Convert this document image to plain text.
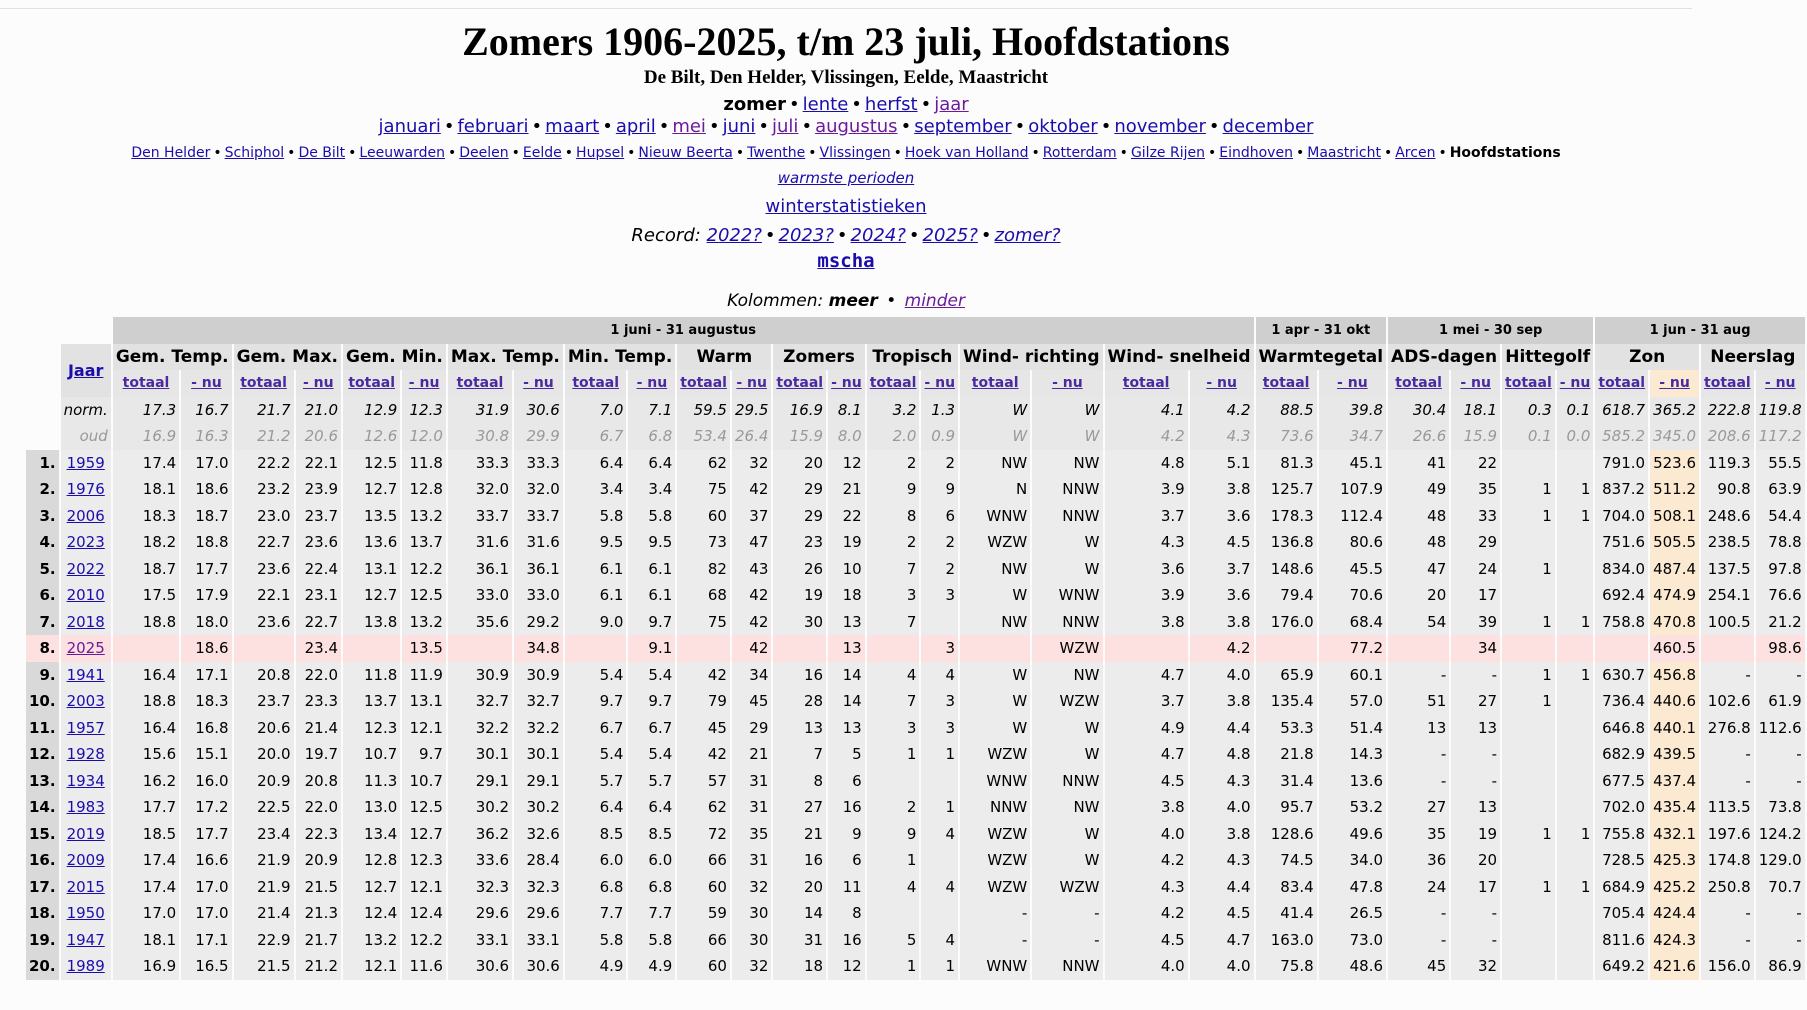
Zomers 1906-2025, t/m 23 juli, Hoofdstations
De Bilt, Den Helder, Vlissingen, Eelde, Maastricht
zomer • lente • herfst • jaar
januari • februari • maart • april • mei • juni • juli • augustus • september • oktober • november • december
Den Helder • Schiphol • De Bilt • Leeuwarden • Deelen • Eelde • Hupsel • Nieuw Beerta • Twenthe • Vlissingen • Hoek van Holland • Rotterdam • Gilze Rijen • Eindhoven • Maastricht • Arcen • Hoofdstations
warmste perioden
winterstatistieken
Record: 2022? • 2023? • 2024? • 2025? • zomer?
mscha
Kolommen: meer • minder
		1 juni - 31 augustus																				1 apr - 31 okt		1 mei - 30 sep				1 jun - 31 aug			
	Jaar	Gem. Temp.		Gem. Max.		Gem. Min.		Max. Temp.		Min. Temp.		Warm		Zomers		Tropisch		Wind- richting		Wind- snelheid		Warmtegetal		ADS-dagen		Hittegolf		Zon		Neerslag	
		totaal	- nu	totaal	- nu	totaal	- nu	totaal	- nu	totaal	- nu	totaal	- nu	totaal	- nu	totaal	- nu	totaal	- nu	totaal	- nu	totaal	- nu	totaal	- nu	totaal	- nu	totaal	- nu	totaal	- nu
	norm.	17.3	16.7	21.7	21.0	12.9	12.3	31.9	30.6	7.0	7.1	59.5	29.5	16.9	8.1	3.2	1.3	W	W	4.1	4.2	88.5	39.8	30.4	18.1	0.3	0.1	618.7	365.2	222.8	119.8
	oud	16.9	16.3	21.2	20.6	12.6	12.0	30.8	29.9	6.7	6.8	53.4	26.4	15.9	8.0	2.0	0.9	W	W	4.2	4.3	73.6	34.7	26.6	15.9	0.1	0.0	585.2	345.0	208.6	117.2
1.	1959	17.4	17.0	22.2	22.1	12.5	11.8	33.3	33.3	6.4	6.4	62	32	20	12	2	2	NW	NW	4.8	5.1	81.3	45.1	41	22			791.0	523.6	119.3	55.5
2.	1976	18.1	18.6	23.2	23.9	12.7	12.8	32.0	32.0	3.4	3.4	75	42	29	21	9	9	N	NNW	3.9	3.8	125.7	107.9	49	35	1	1	837.2	511.2	90.8	63.9
3.	2006	18.3	18.7	23.0	23.7	13.5	13.2	33.7	33.7	5.8	5.8	60	37	29	22	8	6	WNW	NNW	3.7	3.6	178.3	112.4	48	33	1	1	704.0	508.1	248.6	54.4
4.	2023	18.2	18.8	22.7	23.6	13.6	13.7	31.6	31.6	9.5	9.5	73	47	23	19	2	2	WZW	W	4.3	4.5	136.8	80.6	48	29			751.6	505.5	238.5	78.8
5.	2022	18.7	17.7	23.6	22.4	13.1	12.2	36.1	36.1	6.1	6.1	82	43	26	10	7	2	NW	W	3.6	3.7	148.6	45.5	47	24	1		834.0	487.4	137.5	97.8
6.	2010	17.5	17.9	22.1	23.1	12.7	12.5	33.0	33.0	6.1	6.1	68	42	19	18	3	3	W	WNW	3.9	3.6	79.4	70.6	20	17			692.4	474.9	254.1	76.6
7.	2018	18.8	18.0	23.6	22.7	13.8	13.2	35.6	29.2	9.0	9.7	75	42	30	13	7		NW	NNW	3.8	3.8	176.0	68.4	54	39	1	1	758.8	470.8	100.5	21.2
8.	2025		18.6		23.4		13.5		34.8		9.1		42		13		3		WZW		4.2		77.2		34				460.5		98.6
9.	1941	16.4	17.1	20.8	22.0	11.8	11.9	30.9	30.9	5.4	5.4	42	34	16	14	4	4	W	NW	4.7	4.0	65.9	60.1	-	-	1	1	630.7	456.8	-	-
10.	2003	18.8	18.3	23.7	23.3	13.7	13.1	32.7	32.7	9.7	9.7	79	45	28	14	7	3	W	WZW	3.7	3.8	135.4	57.0	51	27	1		736.4	440.6	102.6	61.9
11.	1957	16.4	16.8	20.6	21.4	12.3	12.1	32.2	32.2	6.7	6.7	45	29	13	13	3	3	W	W	4.9	4.4	53.3	51.4	13	13			646.8	440.1	276.8	112.6
12.	1928	15.6	15.1	20.0	19.7	10.7	9.7	30.1	30.1	5.4	5.4	42	21	7	5	1	1	WZW	W	4.7	4.8	21.8	14.3	-	-			682.9	439.5	-	-
13.	1934	16.2	16.0	20.9	20.8	11.3	10.7	29.1	29.1	5.7	5.7	57	31	8	6			WNW	NNW	4.5	4.3	31.4	13.6	-	-			677.5	437.4	-	-
14.	1983	17.7	17.2	22.5	22.0	13.0	12.5	30.2	30.2	6.4	6.4	62	31	27	16	2	1	NNW	NW	3.8	4.0	95.7	53.2	27	13			702.0	435.4	113.5	73.8
15.	2019	18.5	17.7	23.4	22.3	13.4	12.7	36.2	32.6	8.5	8.5	72	35	21	9	9	4	WZW	W	4.0	3.8	128.6	49.6	35	19	1	1	755.8	432.1	197.6	124.2
16.	2009	17.4	16.6	21.9	20.9	12.8	12.3	33.6	28.4	6.0	6.0	66	31	16	6	1		WZW	W	4.2	4.3	74.5	34.0	36	20			728.5	425.3	174.8	129.0
17.	2015	17.4	17.0	21.9	21.5	12.7	12.1	32.3	32.3	6.8	6.8	60	32	20	11	4	4	WZW	WZW	4.3	4.4	83.4	47.8	24	17	1	1	684.9	425.2	250.8	70.7
18.	1950	17.0	17.0	21.4	21.3	12.4	12.4	29.6	29.6	7.7	7.7	59	30	14	8			-	-	4.2	4.5	41.4	26.5	-	-			705.4	424.4	-	-
19.	1947	18.1	17.1	22.9	21.7	13.2	12.2	33.1	33.1	5.8	5.8	66	30	31	16	5	4	-	-	4.5	4.7	163.0	73.0	-	-			811.6	424.3	-	-
20.	1989	16.9	16.5	21.5	21.2	12.1	11.6	30.6	30.6	4.9	4.9	60	32	18	12	1	1	WNW	NNW	4.0	4.0	75.8	48.6	45	32			649.2	421.6	156.0	86.9
